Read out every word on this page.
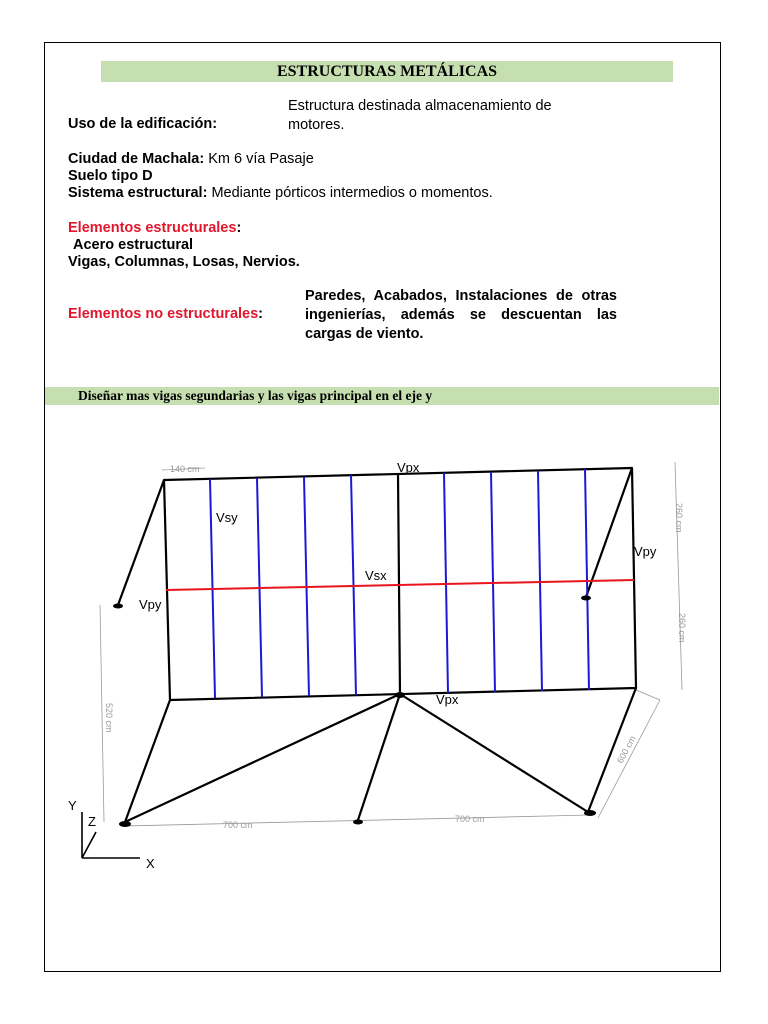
ESTRUCTURAS METÁLICAS
Uso de la edificación:
Estructura destinada almacenamiento de
motores.
Ciudad de Machala: Km 6 vía Pasaje
Suelo tipo D
Sistema estructural: Mediante pórticos intermedios o momentos.
Elementos estructurales:
Acero estructural
Vigas, Columnas, Losas, Nervios.
Elementos no estructurales:
Paredes, Acabados, Instalaciones de otras ingenierías, además se descuentan las cargas de viento.
Diseñar mas vigas segundarias y las vigas principal en el eje y
Vpx
Vsy
Vsx
Vpy
Vpy
Vpx
Y
Z
X
140 cm
260 cm
260 cm
520 cm
600 cm
700 cm
700 cm
